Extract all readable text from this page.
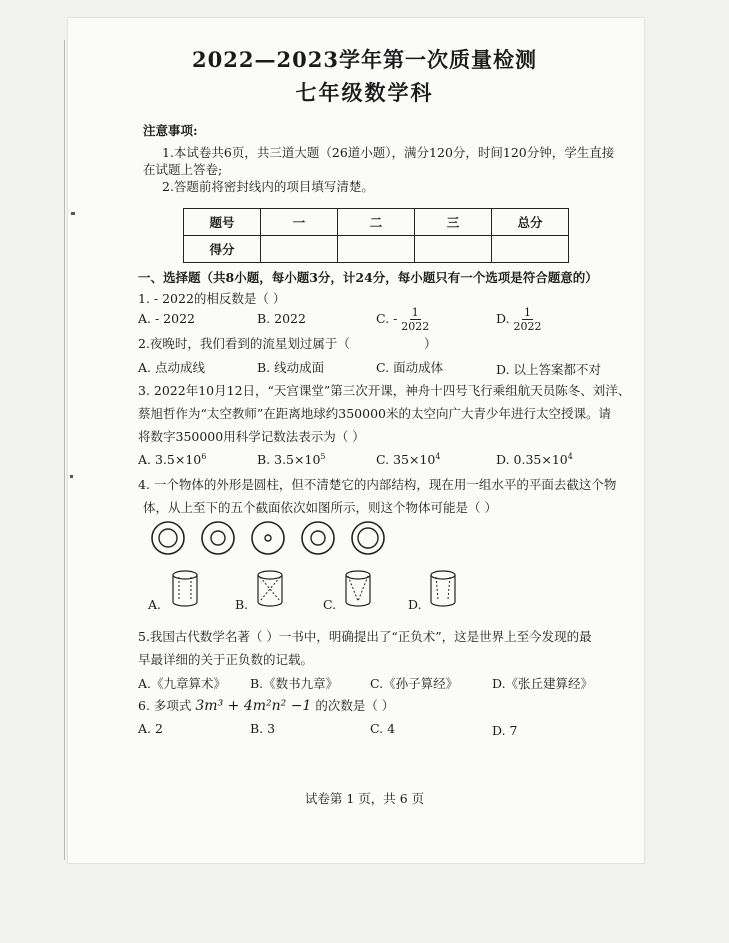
2022—2023学年第一次质量检测
七年级数学科
注意事项:
1.本试卷共6页，共三道大题（26道小题），满分120分，时间120分钟，学生直接
在试题上答卷;
2.答题前将密封线内的项目填写清楚。
题号	一	二	三	总分
得分				
一、选择题（共8小题，每小题3分，计24分，每小题只有一个选项是符合题意的）
1. - 2022的相反数是（ ）
A. - 2022	B. 2022	C. - $\frac{1}{2022}$	D. $\frac{1}{2022}$
2.夜晚时，我们看到的流星划过属于（	）
A. 点动成线	B. 线动成面	C. 面动成体	D. 以上答案都不对
3. 2022年10月12日，“天宫课堂”第三次开课，神舟十四号飞行乘组航天员陈冬、刘洋、
蔡旭哲作为“太空教师”在距离地球约350000米的太空向广大青少年进行太空授课。请
将数字350000用科学记数法表示为（ ）
A. $3.5\times 10^6$	B. $3.5\times 10^5$	C. $35\times 10^4$	D. $0.35\times 10^4$
4. 一个物体的外形是圆柱，但不清楚它的内部结构，现在用一组水平的平面去截这个物
体，从上至下的五个截面依次如图所示，则这个物体可能是（ ）
A.	B.	C.	D.
5.我国古代数学名著（ ）一书中，明确提出了“正负术”，这是世界上至今发现的最
早最详细的关于正负数的记载。
A.《九章算术》 B.《数书九章》	C.《孙子算经》	D.《张丘建算经》
6. 多项式 3m³ + 4m²n² −1 的次数是（ ）
A. 2	B. 3	C. 4	D. 7
试卷第 1 页，共 6 页
